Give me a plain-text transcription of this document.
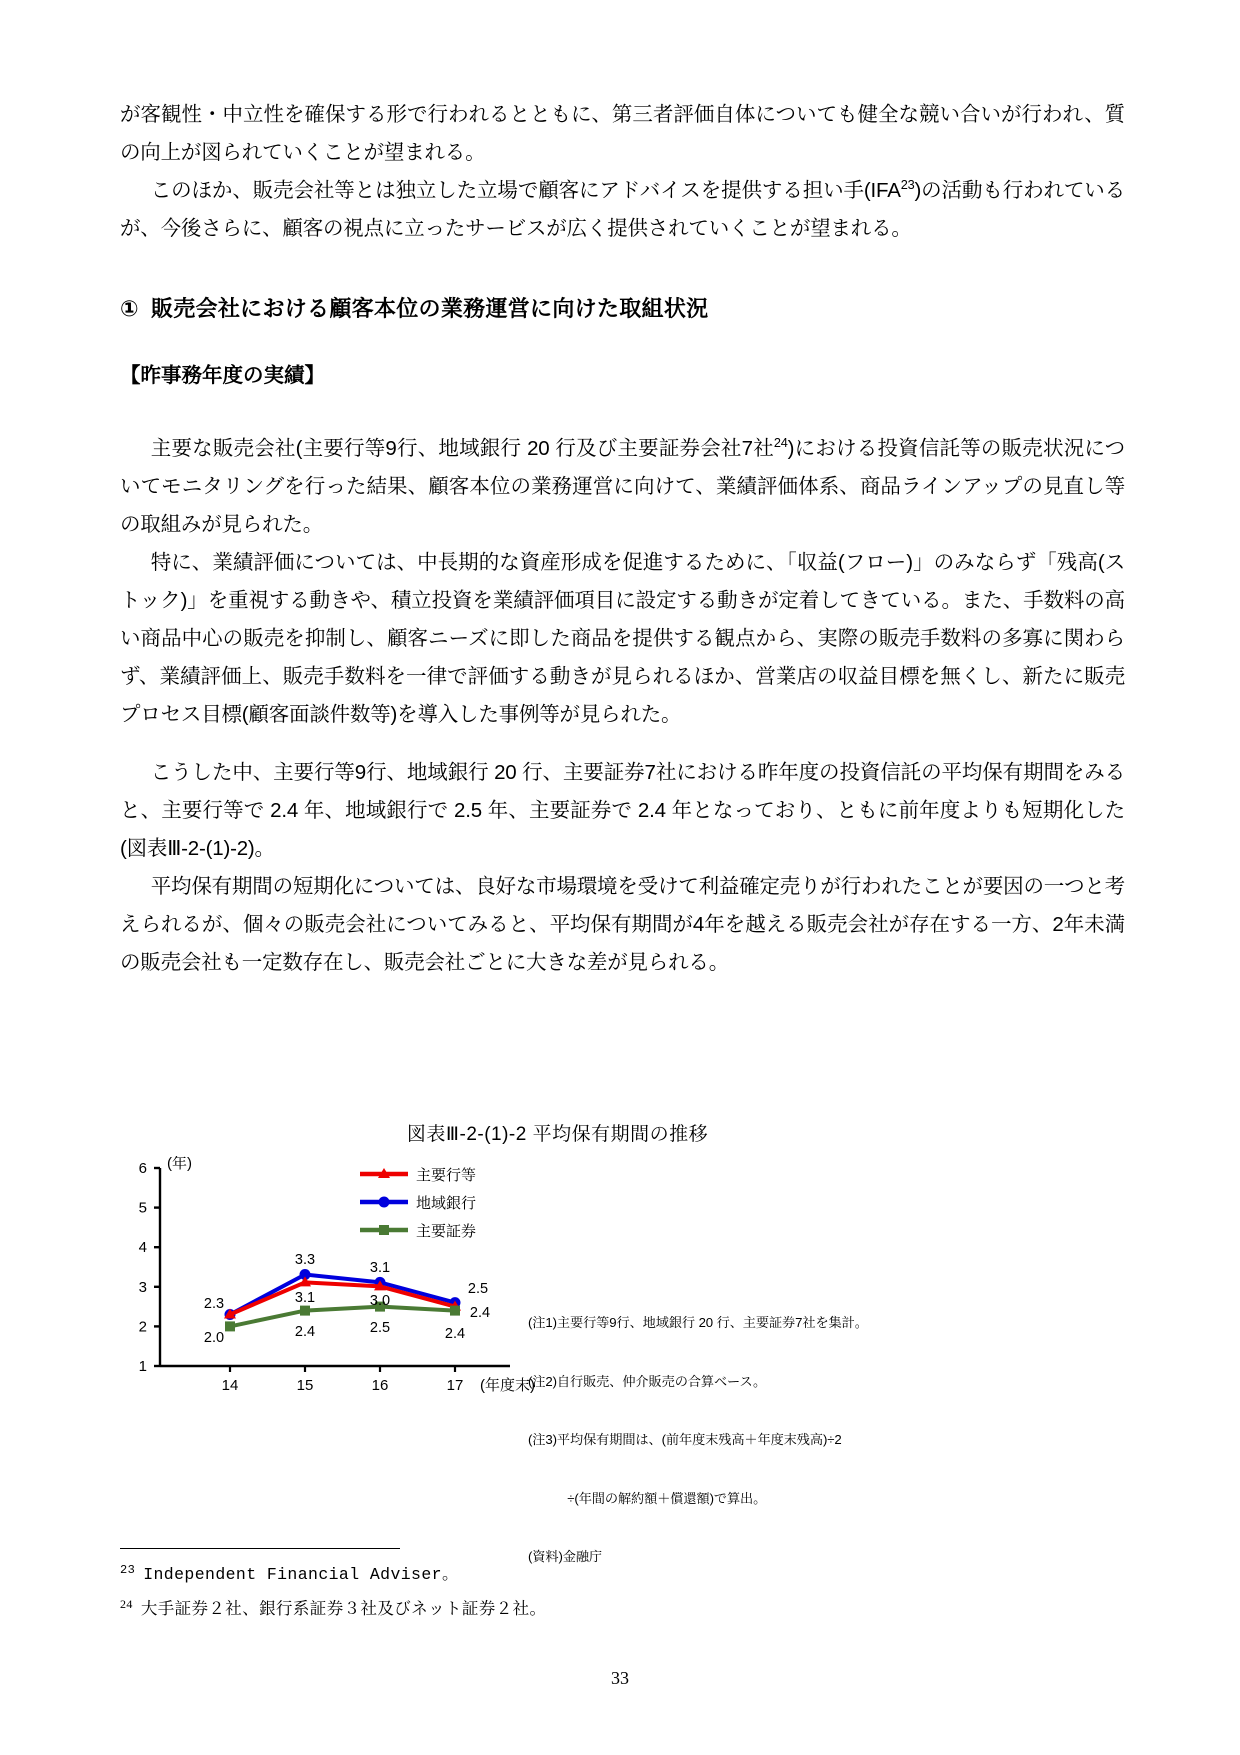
が客観性・中立性を確保する形で行われるとともに、第三者評価自体についても健全な競い合いが行われ、質の向上が図られていくことが望まれる。

このほか、販売会社等とは独立した立場で顧客にアドバイスを提供する担い手(IFA$^{23}$)の活動も行われているが、今後さらに、顧客の視点に立ったサービスが広く提供されていくことが望まれる。

① 販売会社における顧客本位の業務運営に向けた取組状況

【昨事務年度の実績】

主要な販売会社(主要行等9行、地域銀行 20 行及び主要証券会社7社$^{24}$)における投資信託等の販売状況についてモニタリングを行った結果、顧客本位の業務運営に向けて、業績評価体系、商品ラインアップの見直し等の取組みが見られた。

特に、業績評価については、中長期的な資産形成を促進するために、「収益(フロー)」のみならず「残高(ストック)」を重視する動きや、積立投資を業績評価項目に設定する動きが定着してきている。また、手数料の高い商品中心の販売を抑制し、顧客ニーズに即した商品を提供する観点から、実際の販売手数料の多寡に関わらず、業績評価上、販売手数料を一律で評価する動きが見られるほか、営業店の収益目標を無くし、新たに販売プロセス目標(顧客面談件数等)を導入した事例等が見られた。

こうした中、主要行等9行、地域銀行 20 行、主要証券7社における昨年度の投資信託の平均保有期間をみると、主要行等で 2.4 年、地域銀行で 2.5 年、主要証券で 2.4 年となっており、ともに前年度よりも短期化した(図表Ⅲ-2-(1)-2)。

平均保有期間の短期化については、良好な市場環境を受けて利益確定売りが行われたことが要因の一つと考えられるが、個々の販売会社についてみると、平均保有期間が4年を越える販売会社が存在する一方、2年未満の販売会社も一定数存在し、販売会社ごとに大きな差が見られる。

図表Ⅲ-2-(1)-2 平均保有期間の推移
6
5
4
3
2
1
(年)
14	15	16	17 (年度末)
2.3
3.3
3.1
3.1
3.0
2.5
2.4
2.0	2.4	2.5	2.4
主要行等
地域銀行
主要証券

(注1)主要行等9行、地域銀行 20 行、主要証券7社を集計。

(注2)自行販売、仲介販売の合算ベース。

(注3)平均保有期間は、(前年度末残高＋年度末残高)÷2

　　　÷(年間の解約額＋償還額)で算出。

(資料)金融庁

$^{23}$ Independent Financial Adviser。
$^{24}$ 大手証券２社、銀行系証券３社及びネット証券２社。
33
